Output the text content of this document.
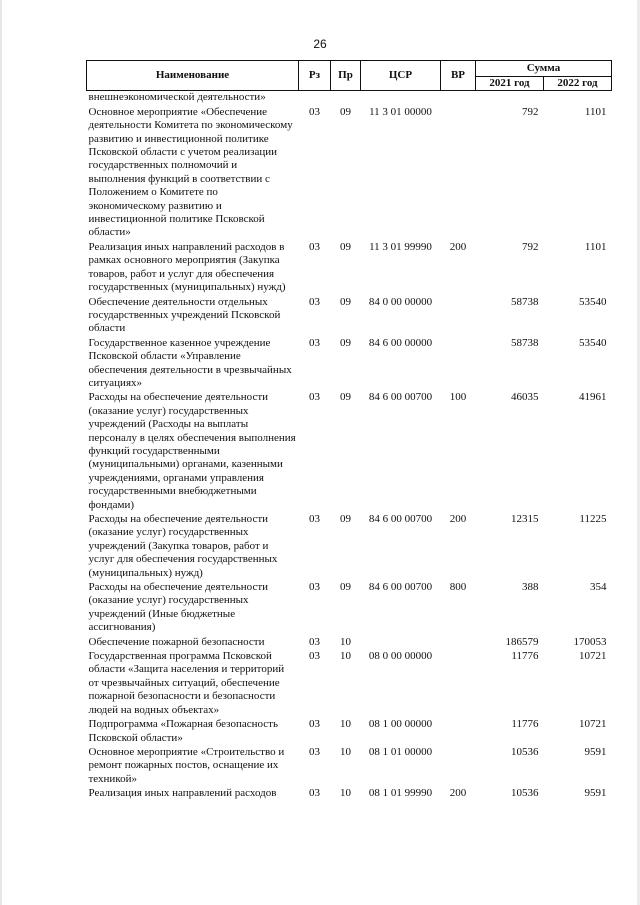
26
Наименование	Рз	Пр	ЦСР	ВР	Сумма	
					2021 год	2022 год
внешнеэкономической деятельности»						
Основное мероприятие «Обеспечение деятельности Комитета по экономическому развитию и инвестиционной политике Псковской области с учетом реализации государственных полномочий и выполнения функций в соответствии с Положением о Комитете по экономическому развитию и инвестиционной политике Псковской области»	03	09	11 3 01 00000		792	1101
Реализация иных направлений расходов в рамках основного мероприятия (Закупка товаров, работ и услуг для обеспечения государственных (муниципальных) нужд)	03	09	11 3 01 99990	200	792	1101
Обеспечение деятельности отдельных государственных учреждений Псковской области	03	09	84 0 00 00000		58738	53540
Государственное казенное учреждение Псковской области «Управление обеспечения деятельности в чрезвычайных ситуациях»	03	09	84 6 00 00000		58738	53540
Расходы на обеспечение деятельности (оказание услуг) государственных учреждений (Расходы на выплаты персоналу в целях обеспечения выполнения функций государственными (муниципальными) органами, казенными учреждениями, органами управления государственными внебюджетными фондами)	03	09	84 6 00 00700	100	46035	41961
Расходы на обеспечение деятельности (оказание услуг) государственных учреждений (Закупка товаров, работ и услуг для обеспечения государственных (муниципальных) нужд)	03	09	84 6 00 00700	200	12315	11225
Расходы на обеспечение деятельности (оказание услуг) государственных учреждений (Иные бюджетные ассигнования)	03	09	84 6 00 00700	800	388	354
Обеспечение пожарной безопасности	03	10			186579	170053
Государственная программа Псковской области «Защита населения и территорий от чрезвычайных ситуаций, обеспечение пожарной безопасности и безопасности людей на водных объектах»	03	10	08 0 00 00000		11776	10721
Подпрограмма «Пожарная безопасность Псковской области»	03	10	08 1 00 00000		11776	10721
Основное мероприятие «Строительство и ремонт пожарных постов, оснащение их техникой»	03	10	08 1 01 00000		10536	9591
Реализация иных направлений расходов	03	10	08 1 01 99990	200	10536	9591
